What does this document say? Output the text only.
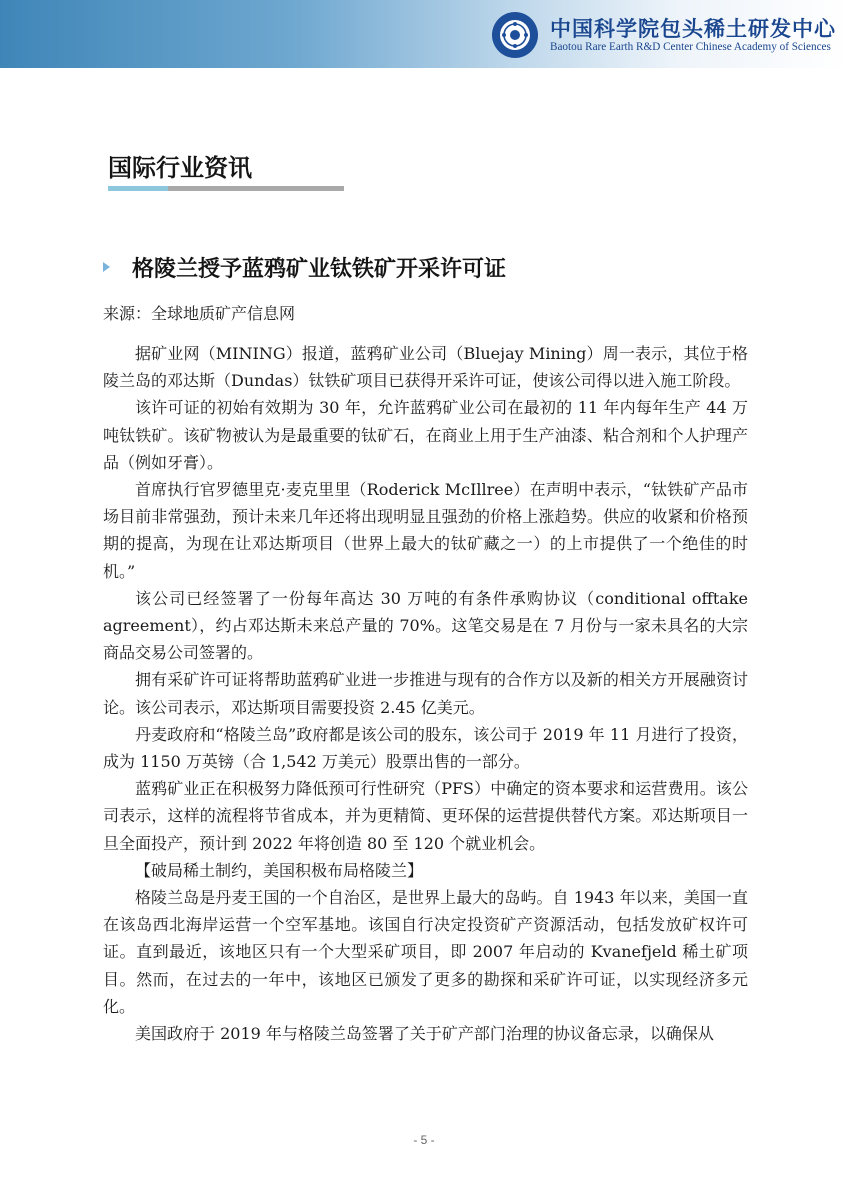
中国科学院包头稀土研发中心
Baotou Rare Earth R&D Center Chinese Academy of Sciences
国际行业资讯
格陵兰授予蓝鸦矿业钛铁矿开采许可证
来源：全球地质矿产信息网

据矿业网（MINING）报道，蓝鸦矿业公司（Bluejay Mining）周一表示，其位于格陵兰岛的邓达斯（Dundas）钛铁矿项目已获得开采许可证，使该公司得以进入施工阶段。

该许可证的初始有效期为 30 年，允许蓝鸦矿业公司在最初的 11 年内每年生产 44 万吨钛铁矿。该矿物被认为是最重要的钛矿石，在商业上用于生产油漆、粘合剂和个人护理产品（例如牙膏）。

首席执行官罗德里克·麦克里里（Roderick McIllree）在声明中表示，“钛铁矿产品市场目前非常强劲，预计未来几年还将出现明显且强劲的价格上涨趋势。供应的收紧和价格预期的提高，为现在让邓达斯项目（世界上最大的钛矿藏之一）的上市提供了一个绝佳的时机。”

该公司已经签署了一份每年高达 30 万吨的有条件承购协议（conditional offtake agreement），约占邓达斯未来总产量的 70%。这笔交易是在 7 月份与一家未具名的大宗商品交易公司签署的。

拥有采矿许可证将帮助蓝鸦矿业进一步推进与现有的合作方以及新的相关方开展融资讨论。该公司表示，邓达斯项目需要投资 2.45 亿美元。

丹麦政府和“格陵兰岛”政府都是该公司的股东，该公司于 2019 年 11 月进行了投资，成为 1150 万英镑（合 1,542 万美元）股票出售的一部分。

蓝鸦矿业正在积极努力降低预可行性研究（PFS）中确定的资本要求和运营费用。该公司表示，这样的流程将节省成本，并为更精简、更环保的运营提供替代方案。邓达斯项目一旦全面投产，预计到 2022 年将创造 80 至 120 个就业机会。

【破局稀土制约，美国积极布局格陵兰】

格陵兰岛是丹麦王国的一个自治区，是世界上最大的岛屿。自 1943 年以来，美国一直在该岛西北海岸运营一个空军基地。该国自行决定投资矿产资源活动，包括发放矿权许可证。直到最近，该地区只有一个大型采矿项目，即 2007 年启动的 Kvanefjeld 稀土矿项目。然而，在过去的一年中，该地区已颁发了更多的勘探和采矿许可证，以实现经济多元化。

美国政府于 2019 年与格陵兰岛签署了关于矿产部门治理的协议备忘录，以确保从

- 5 -
